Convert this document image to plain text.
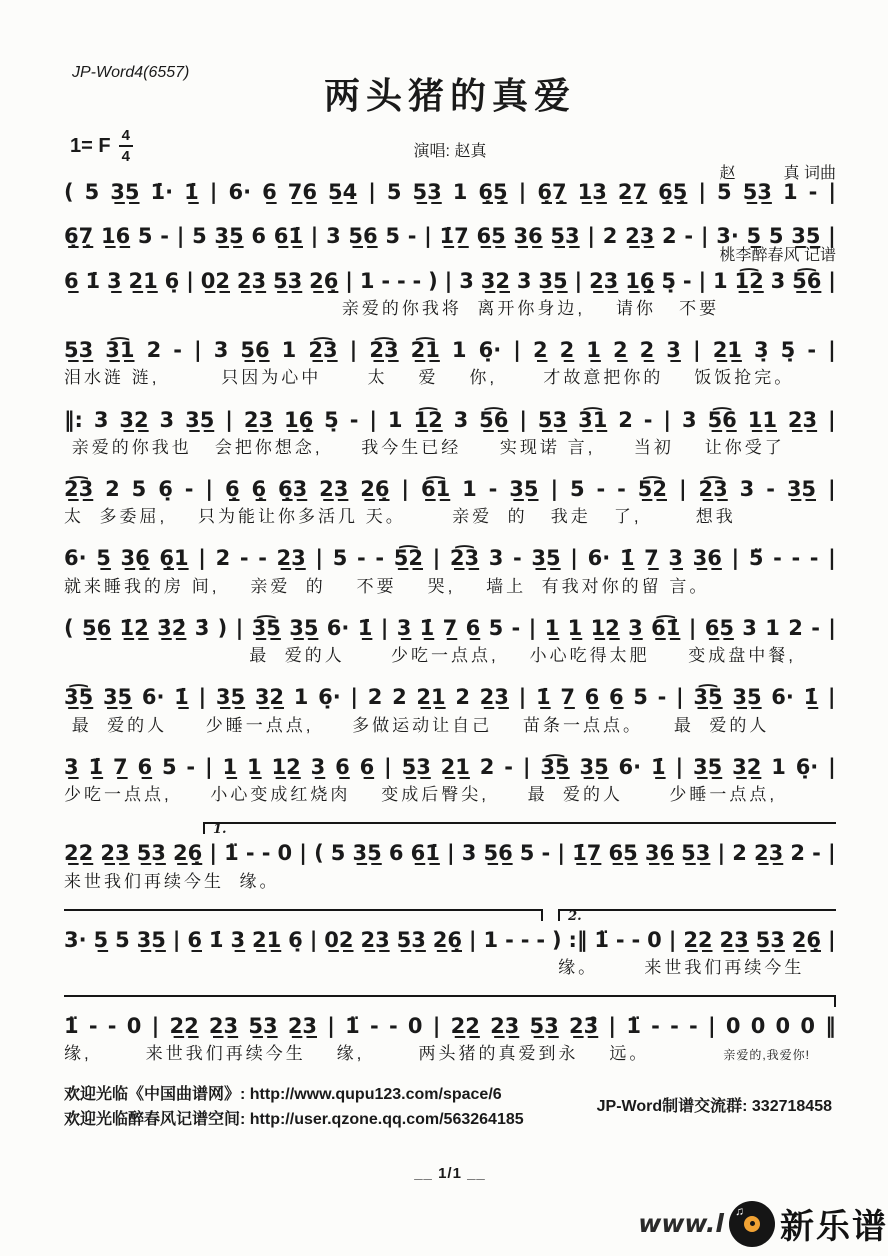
JP-Word4(6557)
两头猪的真爱
1= F $\frac{4}{4}$	演唱: 赵真

赵　　　真 词曲

桃李醉春风 记谱

( 5 3̲5̲ 1̇· 1̲̇ | 6· 6̲ 7̲6̲ 5̲4̲ | 5 5̲3̲ 1 6̣̲5̣̲ | 6̣̲7̣̲ 1̲3̲ 2̲7̣̲ 6̣̲5̣̲ | 5 5̲3̲ 1 - |
6̣̲7̣̲ 1̲6̲ 5 - | 5 3̲5̲ 6 6̲1̲̇ | 3 5̲6̲ 5 - | 1̲̇7̲ 6̲5̲ 3̲6̲ 5̲3̲ | 2 2̲3̲ 2 - | 3· 5̲ 5 3̲5̲ |
6̲ 1̇ 3̲ 2̲1̲ 6̣ | 0̲2̲ 2̲3̲ 5̲3̲ 2̲6̣̲ | 1 - - - ) | 3 3̲2̲ 3 3̲5̲ | 2̲3̲ 1̲6̣̲ 5̣ - | 1 1̲͡2̲ 3 5̲͡6̲ |
亲爱的你我将  离开你身边,    请你   不要
5̲3̲ 3̲͡1̲ 2 - | 3 5̲6̲ 1 2̲͡3̲ | 2̲͡3̲ 2̲͡1̲ 1 6̣· | 2̲ 2̲ 1̲ 2̲ 2̲ 3̲ | 2̲1̲ 3̣ 5̣ - |
泪水涟 涟,        只因为心中      太    爱    你,      才故意把你的    饭饭抢完。
‖: 3 3̲2̲ 3 3̲5̲ | 2̲3̲ 1̲6̣̲ 5̣ - | 1 1̲͡2̲ 3 5̲͡6̲ | 5̲3̲ 3̲͡1̲ 2 - | 3 5̲͡6̲ 1̲1̲ 2̲3̲ |
亲爱的你我也   会把你想念,     我今生已经     实现诺 言,     当初    让你受了
2̲͡3̲ 2 5 6̣ - | 6̣̲ 6̣̲ 6̣̲3̲ 2̲3̲ 2̲6̣̲ | 6̲͡1̲ 1 - 3̲5̲ | 5 - - 5̲͡2̲ | 2̲͡3̲ 3 - 3̲5̲ |
太  多委屈,    只为能让你多活几 天。      亲爱  的   我走   了,       想我
6· 5̲ 3̲6̣̲ 6̣̲1̲ | 2 - - 2̲3̲ | 5 - - 5̲͡2̲ | 2̲͡3̲ 3 - 3̲5̲ | 6· 1̲̇ 7̲ 3̲ 3̲6̲ | 5̈ - - - |
就来睡我的房 间,    亲爱  的    不要    哭,    墙上  有我对你的留 言。
( 5̲6̲ 1̲̇2̲̇ 3̲̇2̲̇ 3̇ ) | 3̲͡5̲ 3̲5̲ 6· 1̲̇ | 3̲ 1̲̇ 7̲ 6̲ 5 - | 1̲ 1̲ 1̲2̲ 3̲ 6̲͡1̲̇ | 6̲5̲ 3 1 2 - |
最  爱的人      少吃一点点,    小心吃得太肥     变成盘中餐,
3̲͡5̲ 3̲5̲ 6· 1̲̇ | 3̲5̲ 3̲2̲ 1 6̣· | 2 2 2̲1̲ 2 2̲3̲ | 1̲̇ 7̲ 6̲ 6̲ 5 - | 3̲͡5̲ 3̲5̲ 6· 1̲̇ |
最  爱的人     少睡一点点,     多做运动让自己    苗条一点点。    最  爱的人
3̲ 1̲̇ 7̲ 6̲ 5 - | 1̲ 1̲ 1̲2̲ 3̲ 6̲ 6̲ | 5̲3̲ 2̲1̲ 2 - | 3̲͡5̲ 3̲5̲ 6· 1̲̇ | 3̲5̲ 3̲2̲ 1 6̣· |
少吃一点点,     小心变成红烧肉    变成后臀尖,     最  爱的人      少睡一点点,
1.
2̲2̲ 2̲3̲ 5̲3̲ 2̲6̣̲ | 1̈ - - 0 | ( 5 3̲5̲ 6 6̲1̲̇ | 3 5̲6̲ 5 - | 1̲̇7̲ 6̲5̲ 3̲6̲ 5̲3̲ | 2 2̲3̲ 2 - |
来世我们再续今生  缘。
2.
3· 5̲ 5 3̲5̲ | 6̲ 1̇ 3̲ 2̲1̲ 6̣ | 0̲2̲ 2̲3̲ 5̲3̲ 2̲6̣̲ | 1 - - - ) :‖ 1̈ - - 0 | 2̲2̲ 2̲3̲ 5̲3̲ 2̲6̣̲ |
缘。      来世我们再续今生
1̈ - - 0 | 2̲2̲ 2̲3̲ 5̲3̲ 2̲3̲ | 1̈ - - 0 | 2̲2̲ 2̲3̲ 5̲3̲ 2̲3̲̑ | 1̈ - - - | 0 0 0 0 ‖
缘,       来世我们再续今生    缘,       两头猪的真爱到永    远。	亲爱的,我爱你!
欢迎光临《中国曲谱网》: http://www.qupu123.com/space/6
欢迎光临醉春风记谱空间: http://user.qzone.qq.com/563264185
JP-Word制谱交流群: 332718458
__ 1/1 __
www.l ♫ 新乐谱
